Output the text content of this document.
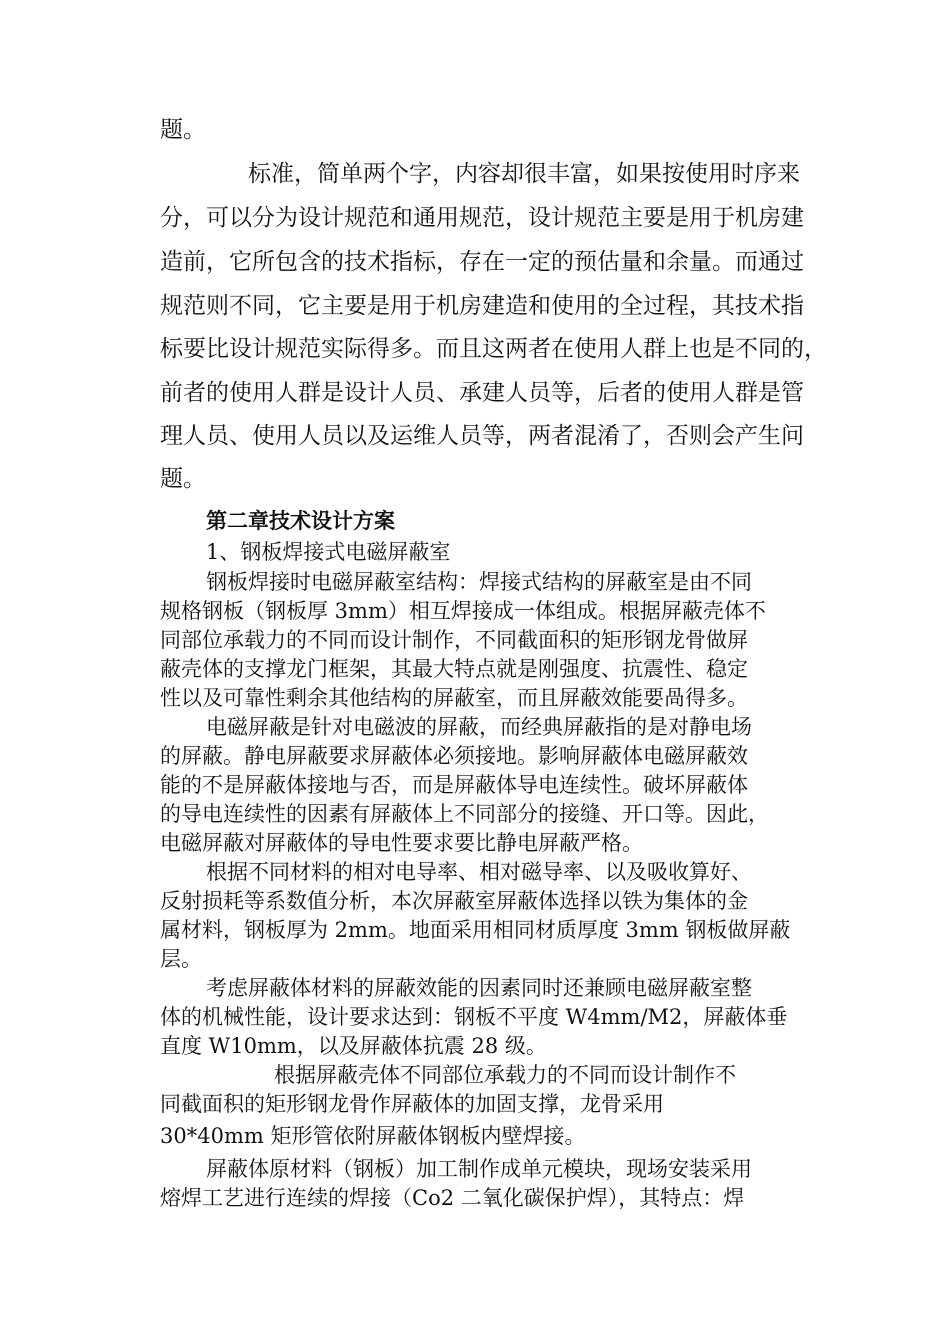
题。
标准，简单两个字，内容却很丰富，如果按使用时序来
分，可以分为设计规范和通用规范，设计规范主要是用于机房建
造前，它所包含的技术指标，存在一定的预估量和余量。而通过
规范则不同，它主要是用于机房建造和使用的全过程，其技术指
标要比设计规范实际得多。而且这两者在使用人群上也是不同的，
前者的使用人群是设计人员、承建人员等，后者的使用人群是管
理人员、使用人员以及运维人员等，两者混淆了，否则会产生问
题。
第二章技术设计方案
1、钢板焊接式电磁屏蔽室
钢板焊接时电磁屏蔽室结构：焊接式结构的屏蔽室是由不同
规格钢板（钢板厚 3mm）相互焊接成一体组成。根据屏蔽壳体不
同部位承载力的不同而设计制作，不同截面积的矩形钢龙骨做屏
蔽壳体的支撑龙门框架，其最大特点就是刚强度、抗震性、稳定
性以及可靠性剩余其他结构的屏蔽室，而且屏蔽效能要咼得多。
电磁屏蔽是针对电磁波的屏蔽，而经典屏蔽指的是对静电场
的屏蔽。静电屏蔽要求屏蔽体必须接地。影响屏蔽体电磁屏蔽效
能的不是屏蔽体接地与否，而是屏蔽体导电连续性。破坏屏蔽体
的导电连续性的因素有屏蔽体上不同部分的接缝、开口等。因此，
电磁屏蔽对屏蔽体的导电性要求要比静电屏蔽严格。
根据不同材料的相对电导率、相对磁导率、以及吸收算好、
反射损耗等系数值分析，本次屏蔽室屏蔽体选择以铁为集体的金
属材料，钢板厚为 2mm。地面采用相同材质厚度 3mm 钢板做屏蔽
层。
考虑屏蔽体材料的屏蔽效能的因素同时还兼顾电磁屏蔽室整
体的机械性能，设计要求达到：钢板不平度 W4mm/M2，屏蔽体垂
直度 W10mm，以及屏蔽体抗震 28 级。
根据屏蔽壳体不同部位承载力的不同而设计制作不
同截面积的矩形钢龙骨作屏蔽体的加固支撑，龙骨采用
30*40mm 矩形管依附屏蔽体钢板内壁焊接。
屏蔽体原材料（钢板）加工制作成单元模块，现场安装采用
熔焊工艺进行连续的焊接（Co2 二氧化碳保护焊），其特点：焊
